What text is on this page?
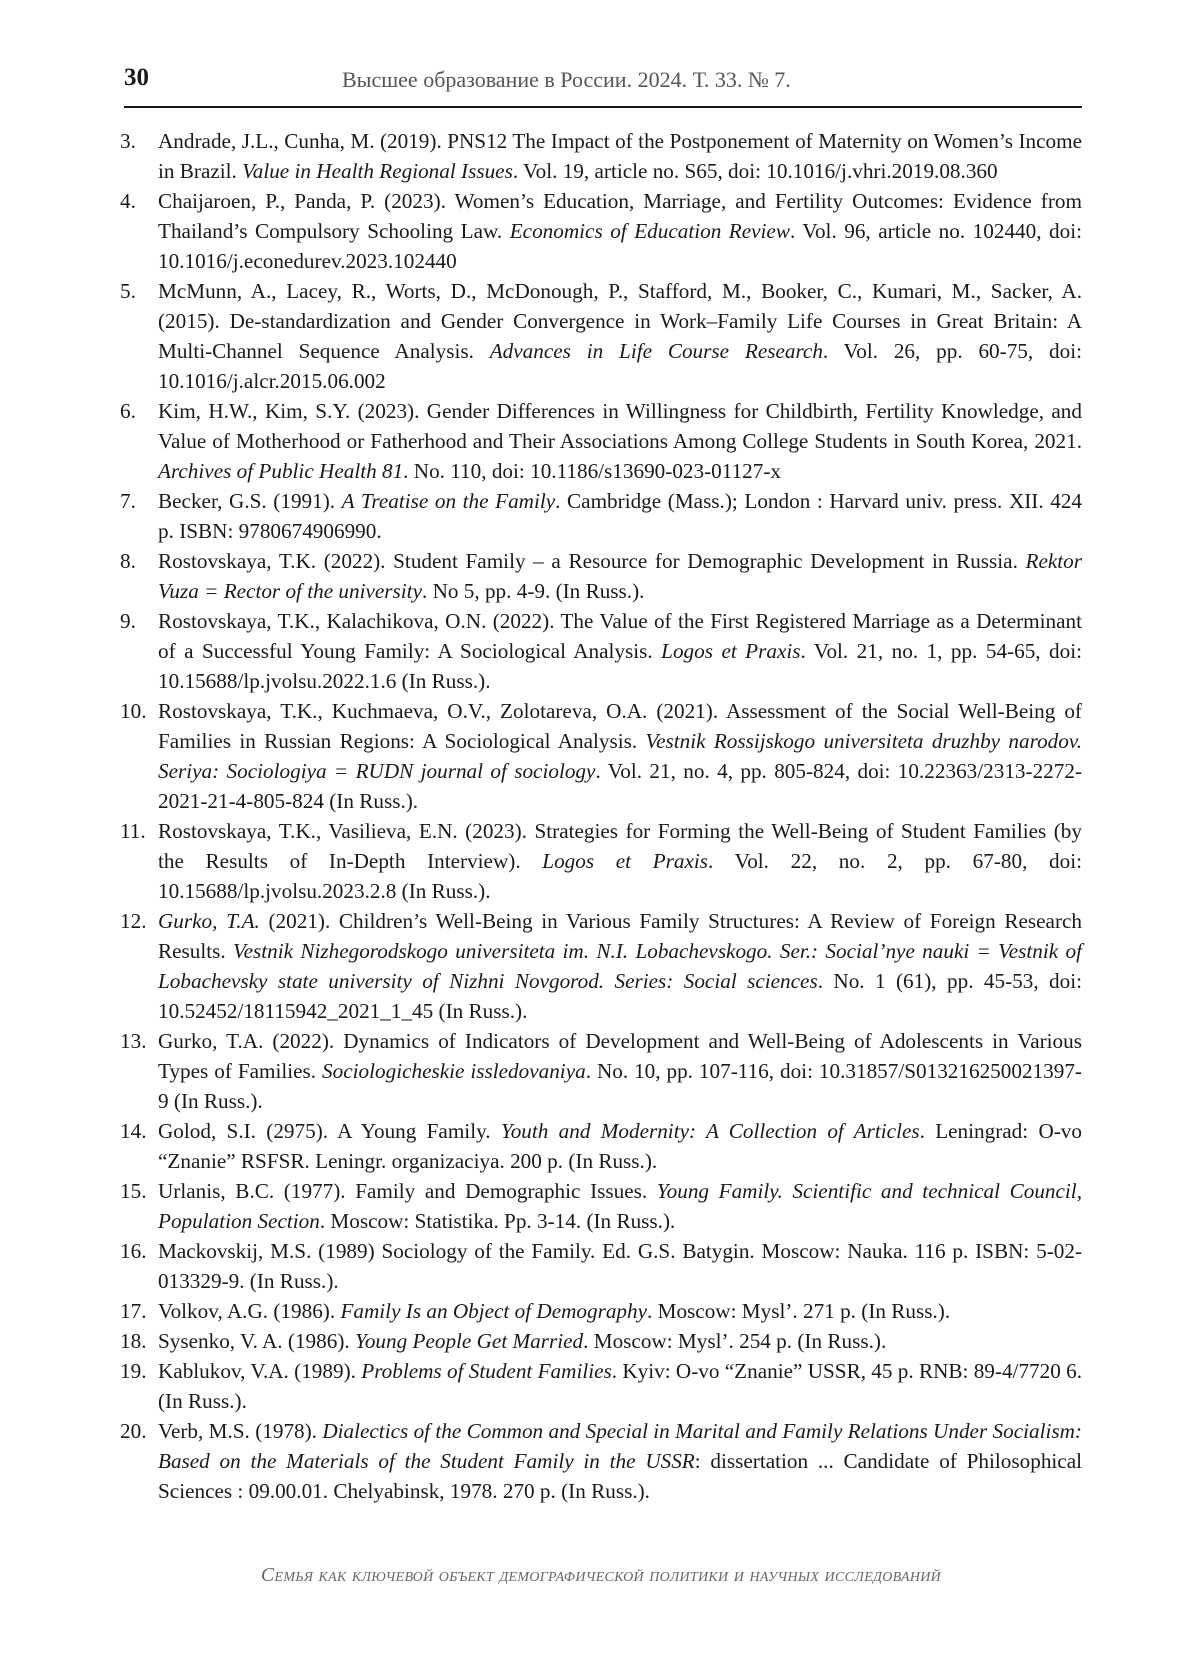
30	Высшее образование в России. 2024. Т. 33. № 7.
3.	Andrade, J.L., Cunha, M. (2019). PNS12 The Impact of the Postponement of Maternity on Women’s Income in Brazil. Value in Health Regional Issues. Vol. 19, article no. S65, doi: 10.1016/j.vhri.2019.08.360
4.	Chaijaroen, P., Panda, P. (2023). Women’s Education, Marriage, and Fertility Outcomes: Evidence from Thailand’s Compulsory Schooling Law. Economics of Education Review. Vol. 96, article no. 102440, doi: 10.1016/j.econedurev.2023.102440
5.	McMunn, A., Lacey, R., Worts, D., McDonough, P., Stafford, M., Booker, C., Kumari, M., Sacker, A. (2015). De-standardization and Gender Convergence in Work–Family Life Courses in Great Britain: A Multi-Channel Sequence Analysis. Advances in Life Course Research. Vol. 26, pp. 60-75, doi: 10.1016/j.alcr.2015.06.002
6.	Kim, H.W., Kim, S.Y. (2023). Gender Differences in Willingness for Childbirth, Fertility Knowledge, and Value of Motherhood or Fatherhood and Their Associations Among College Students in South Korea, 2021. Archives of Public Health 81. No. 110, doi: 10.1186/s13690-023-01127-x
7.	Becker, G.S. (1991). A Treatise on the Family. Cambridge (Mass.); London : Harvard univ. press. XII. 424 p. ISBN: 9780674906990.
8.	Rostovskaya, T.K. (2022). Student Family – a Resource for Demographic Development in Russia. Rektor Vuza = Rector of the university. No 5, pp. 4-9. (In Russ.).
9.	Rostovskaya, T.K., Kalachikova, O.N. (2022). The Value of the First Registered Marriage as a Determinant of a Successful Young Family: A Sociological Analysis. Logos et Praxis. Vol. 21, no. 1, pp. 54-65, doi: 10.15688/lp.jvolsu.2022.1.6 (In Russ.).
10. Rostovskaya, T.K., Kuchmaeva, O.V., Zolotareva, O.A. (2021). Assessment of the Social Well-Being of Families in Russian Regions: A Sociological Analysis. Vestnik Rossijskogo universiteta druzhby narodov. Seriya: Sociologiya = RUDN journal of sociology. Vol. 21, no. 4, pp. 805-824, doi: 10.22363/2313-2272-2021-21-4-805-824 (In Russ.).
11. Rostovskaya, T.K., Vasilieva, E.N. (2023). Strategies for Forming the Well-Being of Student Families (by the Results of In-Depth Interview). Logos et Praxis. Vol. 22, no. 2, pp. 67-80, doi: 10.15688/lp.jvolsu.2023.2.8 (In Russ.).
12. Gurko, T.A. (2021). Children’s Well-Being in Various Family Structures: A Review of Foreign Research Results. Vestnik Nizhegorodskogo universiteta im. N.I. Lobachevskogo. Ser.: Social’nye nauki = Vestnik of Lobachevsky state university of Nizhni Novgorod. Series: Social sciences. No. 1 (61), pp. 45-53, doi: 10.52452/18115942_2021_1_45 (In Russ.).
13. Gurko, T.A. (2022). Dynamics of Indicators of Development and Well-Being of Adolescents in Various Types of Families. Sociologicheskie issledovaniya. No. 10, pp. 107-116, doi: 10.31857/S013216250021397-9 (In Russ.).
14. Golod, S.I. (2975). A Young Family. Youth and Modernity: A Collection of Articles. Leningrad: O-vo “Znanie” RSFSR. Leningr. organizaciya. 200 p. (In Russ.).
15. Urlanis, B.C. (1977). Family and Demographic Issues. Young Family. Scientific and technical Council, Population Section. Moscow: Statistika. Pp. 3-14. (In Russ.).
16. Mackovskij, M.S. (1989) Sociology of the Family. Ed. G.S. Batygin. Moscow: Nauka. 116 p. ISBN: 5-02-013329-9. (In Russ.).
17. Volkov, A.G. (1986). Family Is an Object of Demography. Moscow: Mysl’. 271 p. (In Russ.).
18. Sysenko, V. A. (1986). Young People Get Married. Moscow: Mysl’. 254 p. (In Russ.).
19. Kablukov, V.A. (1989). Problems of Student Families. Kyiv: O-vo “Znanie” USSR, 45 p. RNB: 89-4/7720 6. (In Russ.).
20. Verb, M.S. (1978). Dialectics of the Common and Special in Marital and Family Relations Under Socialism: Based on the Materials of the Student Family in the USSR: dissertation ... Candidate of Philosophical Sciences : 09.00.01. Chelyabinsk, 1978. 270 p. (In Russ.).
Семья как ключевой объект демографической политики и научных исследований
